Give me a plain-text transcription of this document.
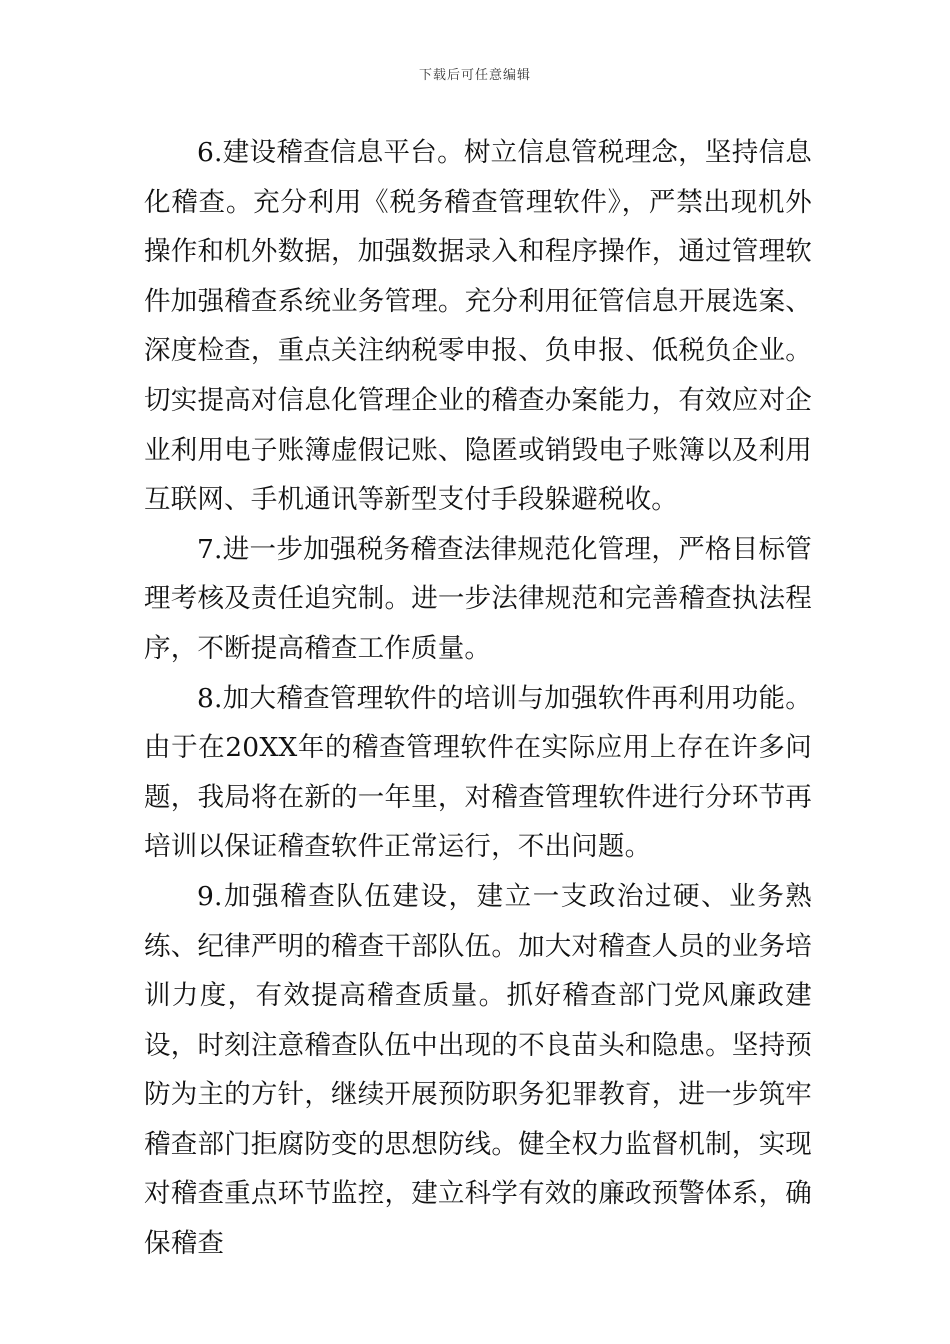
下载后可任意编辑

6.建设稽查信息平台。树立信息管税理念，坚持信息化稽查。充分利用《税务稽查管理软件》，严禁出现机外操作和机外数据，加强数据录入和程序操作，通过管理软件加强稽查系统业务管理。充分利用征管信息开展选案、深度检查，重点关注纳税零申报、负申报、低税负企业。切实提高对信息化管理企业的稽查办案能力，有效应对企业利用电子账簿虚假记账、隐匿或销毁电子账簿以及利用互联网、手机通讯等新型支付手段躲避税收。

7.进一步加强税务稽查法律规范化管理，严格目标管理考核及责任追究制。进一步法律规范和完善稽查执法程序，不断提高稽查工作质量。

8.加大稽查管理软件的培训与加强软件再利用功能。由于在20XX年的稽查管理软件在实际应用上存在许多问题，我局将在新的一年里，对稽查管理软件进行分环节再培训以保证稽查软件正常运行，不出问题。

9.加强稽查队伍建设，建立一支政治过硬、业务熟练、纪律严明的稽查干部队伍。加大对稽查人员的业务培训力度，有效提高稽查质量。抓好稽查部门党风廉政建设，时刻注意稽查队伍中出现的不良苗头和隐患。坚持预防为主的方针，继续开展预防职务犯罪教育，进一步筑牢稽查部门拒腐防变的思想防线。健全权力监督机制，实现对稽查重点环节监控，建立科学有效的廉政预警体系，确保稽查
